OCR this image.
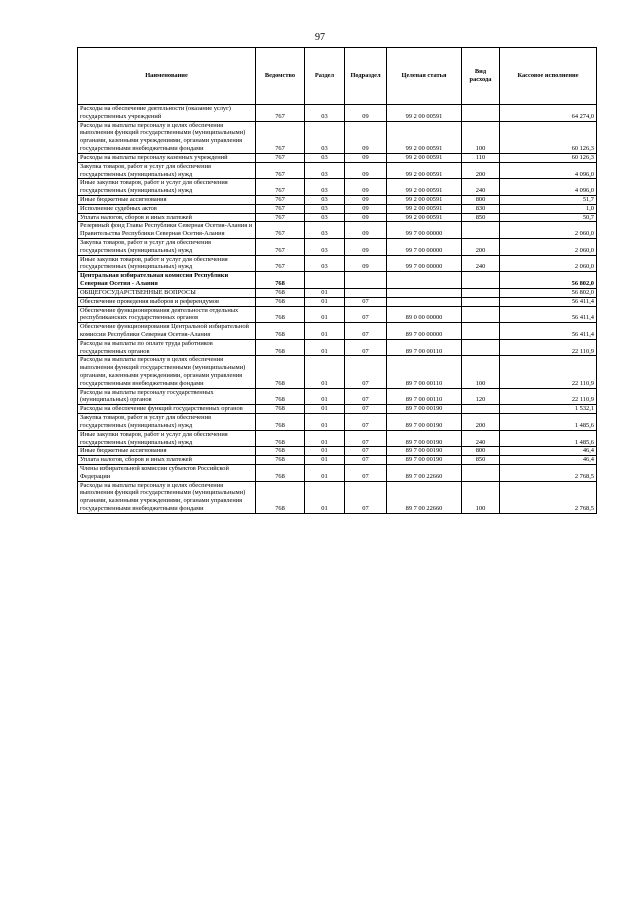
97
Наименование	Ведомство	Раздел	Подраздел	Целевая статья	Вид расхода	Кассовое исполнение
Расходы на обеспечение деятельности (оказание услуг) государственных учреждений	767	03	09	99 2 00 00591		64 274,0
Расходы на выплаты персоналу в целях обеспечения выполнения функций государственными (муниципальными) органами, казенными учреждениями, органами управления государственными внебюджетными фондами	767	03	09	99 2 00 00591	100	60 126,3
Расходы на выплаты персоналу казенных учреждений	767	03	09	99 2 00 00591	110	60 126,3
Закупка товаров, работ и услуг для обеспечения государственных (муниципальных) нужд	767	03	09	99 2 00 00591	200	4 096,0
Иные закупки товаров, работ и услуг для обеспечения государственных (муниципальных) нужд	767	03	09	99 2 00 00591	240	4 096,0
Иные бюджетные ассигнования	767	03	09	99 2 00 00591	800	51,7
Исполнение судебных актов	767	03	09	99 2 00 00591	830	1,0
Уплата налогов, сборов и иных платежей	767	03	09	99 2 00 00591	850	50,7
Резервный фонд Главы Республики Северная Осетия-Алания и Правительства Республики Северная Осетия-Алания	767	03	09	99 7 00 00000		2 060,0
Закупка товаров, работ и услуг для обеспечения государственных (муниципальных) нужд	767	03	09	99 7 00 00000	200	2 060,0
Иные закупки товаров, работ и услуг для обеспечения государственных (муниципальных) нужд	767	03	09	99 7 00 00000	240	2 060,0
Центральная избирательная комиссия Республики Северная Осетия - Алания	768					56 802,0
ОБЩЕГОСУДАРСТВЕННЫЕ ВОПРОСЫ	768	01				56 802,0
Обеспечение проведения выборов и референдумов	768	01	07			56 411,4
Обеспечение функционирования деятельности отдельных республиканских государственных органов	768	01	07	89 0 00 00000		56 411,4
Обеспечение функционирования Центральной избирательной комиссии Республики Северная Осетия-Алания	768	01	07	89 7 00 00000		56 411,4
Расходы на выплаты по оплате труда работников государственных органов	768	01	07	89 7 00 00110		22 110,9
Расходы на выплаты персоналу в целях обеспечения выполнения функций государственными (муниципальными) органами, казенными учреждениями, органами управления государственными внебюджетными фондами	768	01	07	89 7 00 00110	100	22 110,9
Расходы на выплаты персоналу государственных (муниципальных) органов	768	01	07	89 7 00 00110	120	22 110,9
Расходы на обеспечение функций государственных органов	768	01	07	89 7 00 00190		1 532,1
Закупка товаров, работ и услуг для обеспечения государственных (муниципальных) нужд	768	01	07	89 7 00 00190	200	1 485,6
Иные закупки товаров, работ и услуг для обеспечения государственных (муниципальных) нужд	768	01	07	89 7 00 00190	240	1 485,6
Иные бюджетные ассигнования	768	01	07	89 7 00 00190	800	46,4
Уплата налогов, сборов и иных платежей	768	01	07	89 7 00 00190	850	46,4
Члены избирательной комиссии субъектов Российской Федерации	768	01	07	89 7 00 22660		2 768,5
Расходы на выплаты персоналу в целях обеспечения выполнения функций государственными (муниципальными) органами, казенными учреждениями, органами управления государственными внебюджетными фондами	768	01	07	89 7 00 22660	100	2 768,5
